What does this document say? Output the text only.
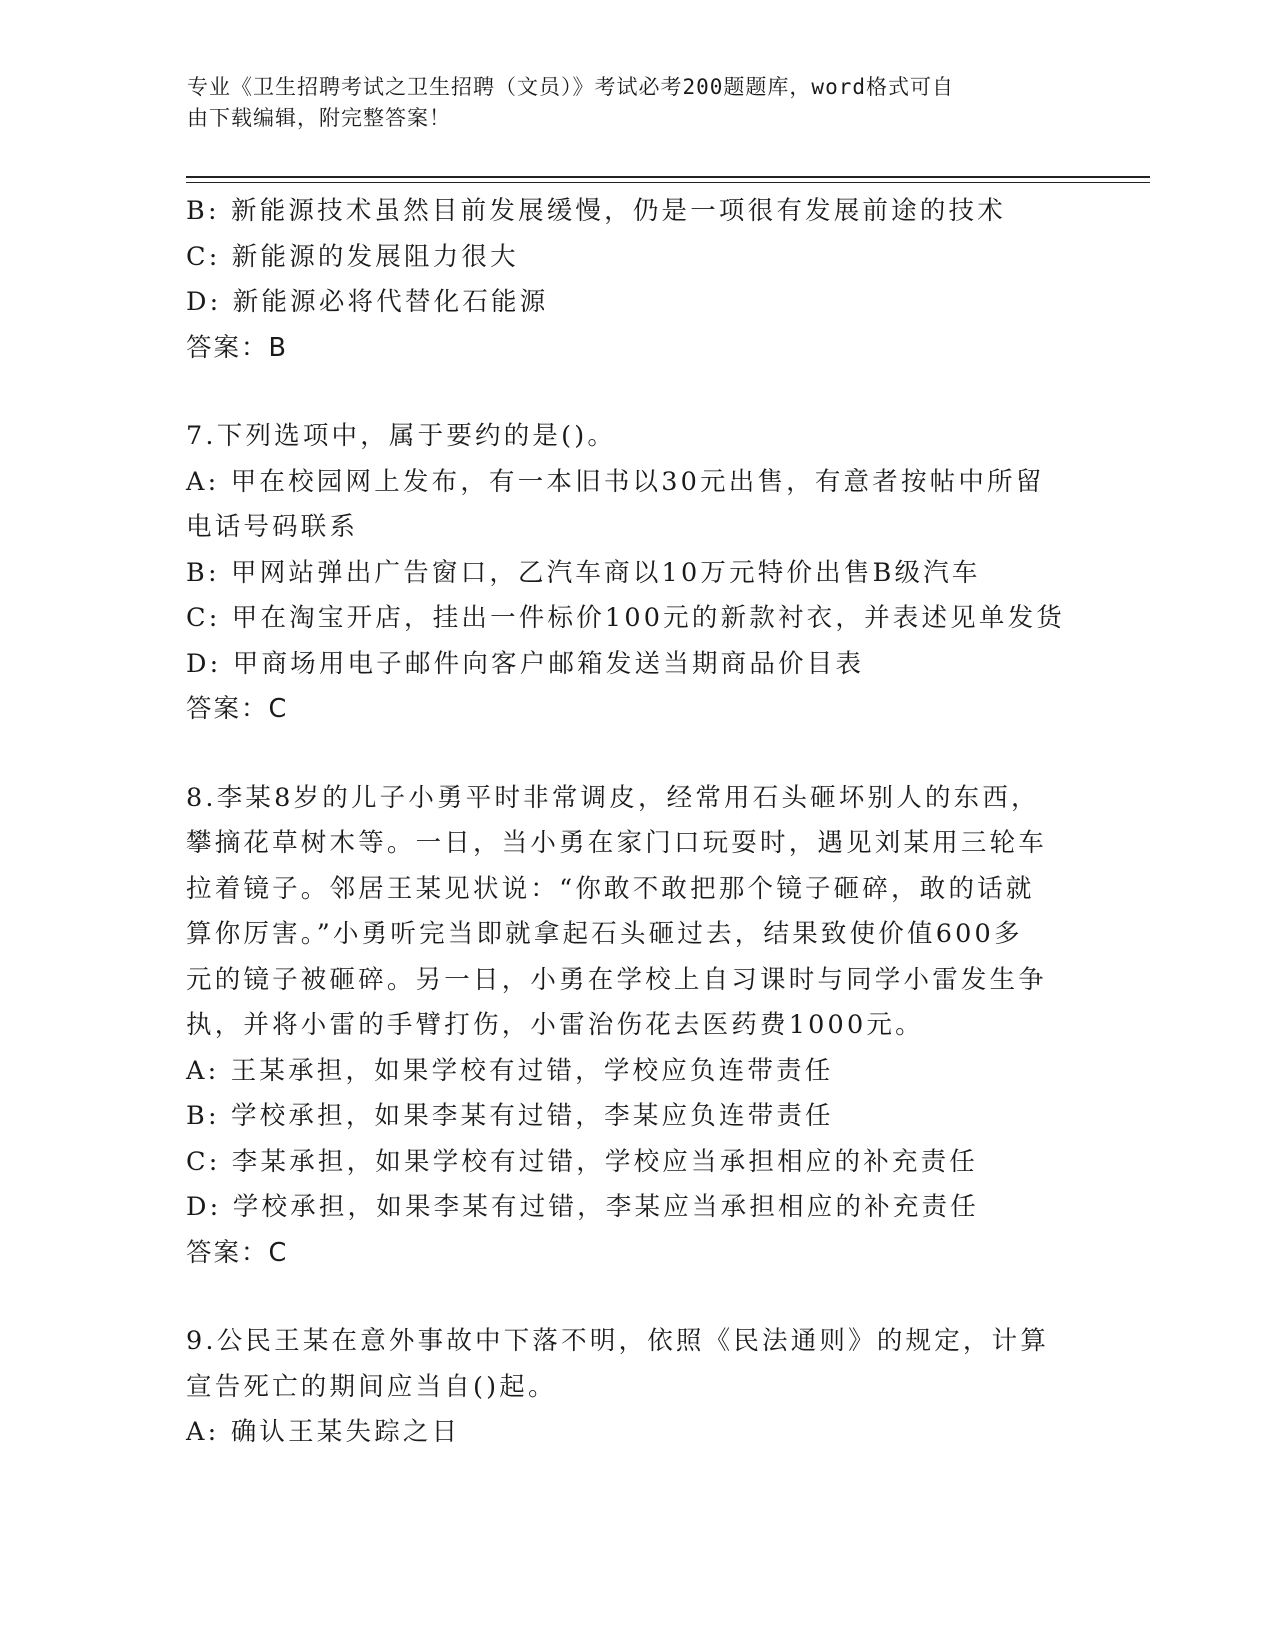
专业《卫生招聘考试之卫生招聘（文员）》考试必考200题题库，word格式可自
由下载编辑，附完整答案！
B: 新能源技术虽然目前发展缓慢，仍是一项很有发展前途的技术
C: 新能源的发展阻力很大
D: 新能源必将代替化石能源
答案：B
7.下列选项中，属于要约的是()。
A: 甲在校园网上发布，有一本旧书以30元出售，有意者按帖中所留
电话号码联系
B: 甲网站弹出广告窗口，乙汽车商以10万元特价出售B级汽车
C: 甲在淘宝开店，挂出一件标价100元的新款衬衣，并表述见单发货
D: 甲商场用电子邮件向客户邮箱发送当期商品价目表
答案：C
8.李某8岁的儿子小勇平时非常调皮，经常用石头砸坏别人的东西，
攀摘花草树木等。一日，当小勇在家门口玩耍时，遇见刘某用三轮车
拉着镜子。邻居王某见状说：“你敢不敢把那个镜子砸碎，敢的话就
算你厉害。”小勇听完当即就拿起石头砸过去，结果致使价值600多
元的镜子被砸碎。另一日，小勇在学校上自习课时与同学小雷发生争
执，并将小雷的手臂打伤，小雷治伤花去医药费1000元。
A: 王某承担，如果学校有过错，学校应负连带责任
B: 学校承担，如果李某有过错，李某应负连带责任
C: 李某承担，如果学校有过错，学校应当承担相应的补充责任
D: 学校承担，如果李某有过错，李某应当承担相应的补充责任
答案：C
9.公民王某在意外事故中下落不明，依照《民法通则》的规定，计算
宣告死亡的期间应当自()起。
A: 确认王某失踪之日
